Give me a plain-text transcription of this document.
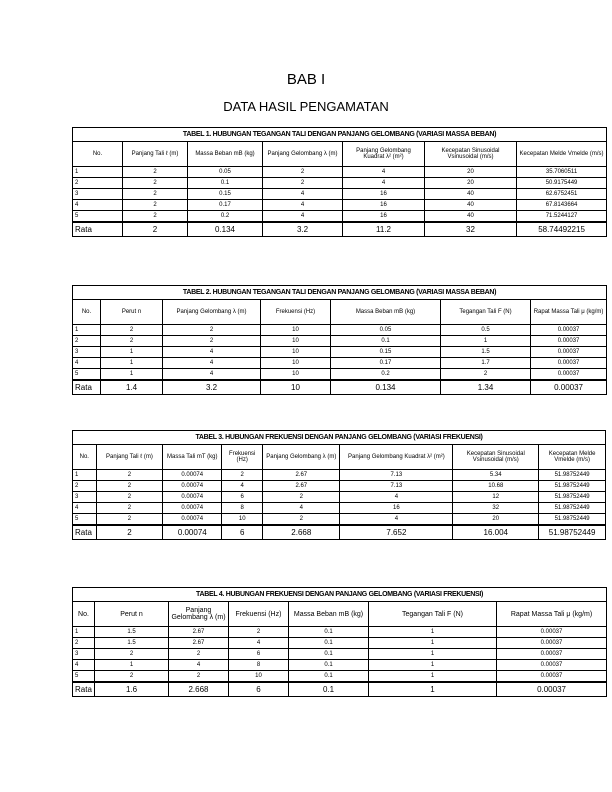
BAB I
DATA HASIL PENGAMATAN
TABEL 1. HUBUNGAN TEGANGAN TALI DENGAN PANJANG GELOMBANG (VARIASI MASSA BEBAN)						
No.	Panjang Tali ℓ (m)	Massa Beban mB (kg)	Panjang Gelombang λ (m)	Panjang Gelombang Kuadrat λ² (m²)	Kecepatan Sinusoidal Vsinusoidal (m/s)	Kecepatan Melde Vmelde (m/s)
1	2	0.05	2	4	20	35.7060511
2	2	0.1	2	4	20	50.9175449
3	2	0.15	4	16	40	62.6752451
4	2	0.17	4	16	40	67.8143664
5	2	0.2	4	16	40	71.5244127
Rata	2	0.134	3.2	11.2	32	58.74492215
TABEL 2. HUBUNGAN TEGANGAN TALI DENGAN PANJANG GELOMBANG (VARIASI MASSA BEBAN)						
No.	Perut n	Panjang Gelombang λ (m)	Frekuensi (Hz)	Massa Beban mB (kg)	Tegangan Tali F (N)	Rapat Massa Tali μ (kg/m)
1	2	2	10	0.05	0.5	0.00037
2	2	2	10	0.1	1	0.00037
3	1	4	10	0.15	1.5	0.00037
4	1	4	10	0.17	1.7	0.00037
5	1	4	10	0.2	2	0.00037
Rata	1.4	3.2	10	0.134	1.34	0.00037
TABEL 3. HUBUNGAN FREKUENSI DENGAN PANJANG GELOMBANG (VARIASI FREKUENSI)							
No.	Panjang Tali ℓ (m)	Massa Tali mT (kg)	Frekuensi (Hz)	Panjang Gelombang λ (m)	Panjang Gelombang Kuadrat λ² (m²)	Kecepatan Sinusoidal Vsinusoidal (m/s)	Kecepatan Melde Vmelde (m/s)
1	2	0.00074	2	2.67	7.13	5.34	51.98752449
2	2	0.00074	4	2.67	7.13	10.68	51.98752449
3	2	0.00074	6	2	4	12	51.98752449
4	2	0.00074	8	4	16	32	51.98752449
5	2	0.00074	10	2	4	20	51.98752449
Rata	2	0.00074	6	2.668	7.652	16.004	51.98752449
TABEL 4. HUBUNGAN FREKUENSI DENGAN PANJANG GELOMBANG (VARIASI FREKUENSI)						
No.	Perut n	Panjang Gelombang λ (m)	Frekuensi (Hz)	Massa Beban mB (kg)	Tegangan Tali F (N)	Rapat Massa Tali μ (kg/m)
1	1.5	2.67	2	0.1	1	0.00037
2	1.5	2.67	4	0.1	1	0.00037
3	2	2	6	0.1	1	0.00037
4	1	4	8	0.1	1	0.00037
5	2	2	10	0.1	1	0.00037
Rata	1.6	2.668	6	0.1	1	0.00037
